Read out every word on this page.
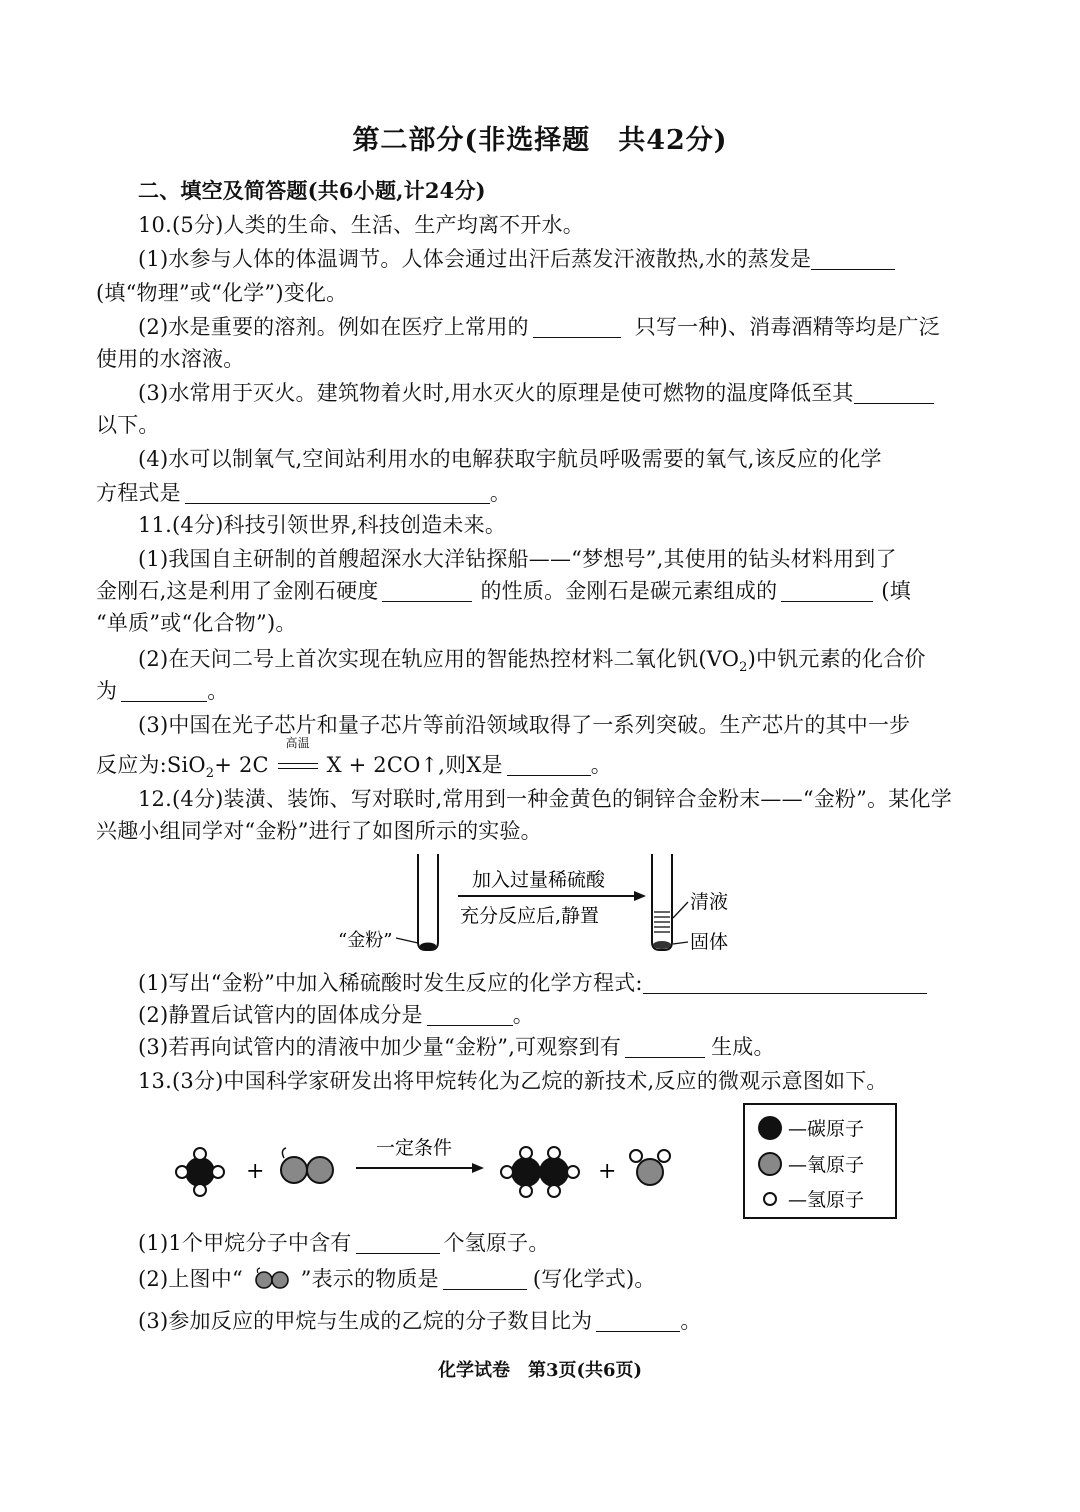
第二部分(非选择题　共42分)
二、填空及简答题(共6小题,计24分)
10.(5分)人类的生命、生活、生产均离不开水。
(1)水参与人体的体温调节。人体会通过出汗后蒸发汗液散热,水的蒸发是
(填“物理”或“化学”)变化。
(2)水是重要的溶剂。例如在医疗上常用的	只写一种)、消毒酒精等均是广泛
使用的水溶液。
(3)水常用于灭火。建筑物着火时,用水灭火的原理是使可燃物的温度降低至其
以下。
(4)水可以制氧气,空间站利用水的电解获取宇航员呼吸需要的氧气,该反应的化学
方程式是	。
11.(4分)科技引领世界,科技创造未来。
(1)我国自主研制的首艘超深水大洋钻探船——“梦想号”,其使用的钻头材料用到了
金刚石,这是利用了金刚石硬度	的性质。金刚石是碳元素组成的	(填
“单质”或“化合物”)。
(2)在天问二号上首次实现在轨应用的智能热控材料二氧化钒$(VO_2)$中钒元素的化合价
为	。
(3)中国在光子芯片和量子芯片等前沿领域取得了一系列突破。生产芯片的其中一步
反应为:SiO$_2$+ 2C
高温
X + 2CO↑,则X是	。
12.(4分)装潢、装饰、写对联时,常用到一种金黄色的铜锌合金粉末——“金粉”。某化学
兴趣小组同学对“金粉”进行了如图所示的实验。
“金粉”
加入过量稀硫酸
充分反应后,静置
清液
固体
(1)写出“金粉”中加入稀硫酸时发生反应的化学方程式:
(2)静置后试管内的固体成分是	。
(3)若再向试管内的清液中加少量“金粉”,可观察到有	生成。
13.(3分)中国科学家研发出将甲烷转化为乙烷的新技术,反应的微观示意图如下。
+
一定条件
+
—碳原子
—氧原子
—氢原子
(1)1个甲烷分子中含有	个氢原子。
(2)上图中“	”表示的物质是	(写化学式)。
(3)参加反应的甲烷与生成的乙烷的分子数目比为	。
化学试卷　第3页(共6页)
